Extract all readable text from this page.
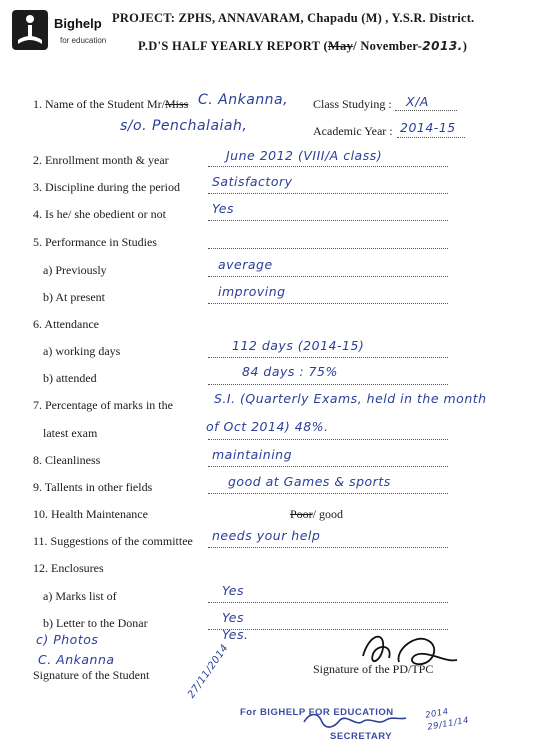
Bighelp
for education
PROJECT: ZPHS, ANNAVARAM, Chapadu (M) , Y.S.R. District.
P.D'S HALF YEARLY REPORT (May/ November-2013.)
1. Name of the Student Mr/Miss C. Ankanna, Class Studying : X/A
s/o. Penchalaiah,	Academic Year : 2014-15
2. Enrollment month & year	June 2012 (VIII/A class)
3. Discipline during the period	Satisfactory
4. Is he/ she obedient or not	Yes
5. Performance in Studies
a) Previously	average
b) At present	improving
6. Attendance
a) working days	112 days (2014-15)
b) attended	84 days : 75%
7. Percentage of marks in the	S.I. (Quarterly Exams, held in the month
latest exam	of Oct 2014) 48%.
8. Cleanliness	maintaining
9. Tallents in other fields	good at Games & sports
10. Health Maintenance	Poor/ good
11. Suggestions of the committee needs your help
12. Enclosures
a) Marks list of	Yes
b) Letter to the Donar	Yes
c) Photos	Yes.
C. Ankanna
Signature of the Student	Signature of the PD/TPC
27/11/2014
For BIGHELP FOR EDUCATION
SECRETARY
2014 29/11/14
